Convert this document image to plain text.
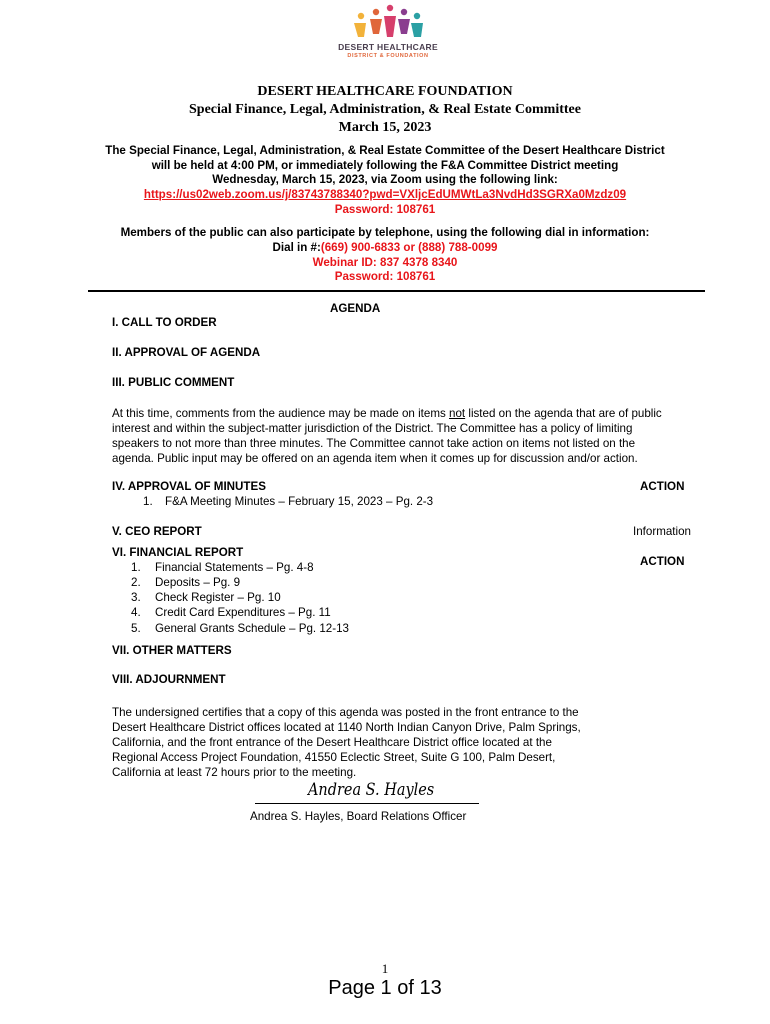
DESERT HEALTHCARE
DISTRICT & FOUNDATION
DESERT HEALTHCARE FOUNDATION
Special Finance, Legal, Administration, & Real Estate Committee
March 15, 2023
The Special Finance, Legal, Administration, & Real Estate Committee of the Desert Healthcare District
will be held at 4:00 PM, or immediately following the F&A Committee District meeting
Wednesday, March 15, 2023, via Zoom using the following link:
https://us02web.zoom.us/j/83743788340?pwd=VXljcEdUMWtLa3NvdHd3SGRXa0Mzdz09
Password: 108761
Members of the public can also participate by telephone, using the following dial in information:
Dial in #:(669) 900-6833 or (888) 788-0099
Webinar ID: 837 4378 8340
Password: 108761
AGENDA
I. CALL TO ORDER
II. APPROVAL OF AGENDA
III. PUBLIC COMMENT
At this time, comments from the audience may be made on items not listed on the agenda that are of public
interest and within the subject-matter jurisdiction of the District. The Committee has a policy of limiting
speakers to not more than three minutes. The Committee cannot take action on items not listed on the
agenda. Public input may be offered on an agenda item when it comes up for discussion and/or action.
IV. APPROVAL OF MINUTES	ACTION
1. F&A Meeting Minutes – February 15, 2023 – Pg. 2-3
V. CEO REPORT	Information
VI. FINANCIAL REPORT
ACTION
1. Financial Statements – Pg. 4-8
2. Deposits – Pg. 9
3. Check Register – Pg. 10
4. Credit Card Expenditures – Pg. 11
5. General Grants Schedule – Pg. 12-13
VII. OTHER MATTERS
VIII. ADJOURNMENT
The undersigned certifies that a copy of this agenda was posted in the front entrance to the
Desert Healthcare District offices located at 1140 North Indian Canyon Drive, Palm Springs,
California, and the front entrance of the Desert Healthcare District office located at the
Regional Access Project Foundation, 41550 Eclectic Street, Suite G 100, Palm Desert,
California at least 72 hours prior to the meeting.
Andrea S. Hayles
Andrea S. Hayles, Board Relations Officer
1
Page 1 of 13
